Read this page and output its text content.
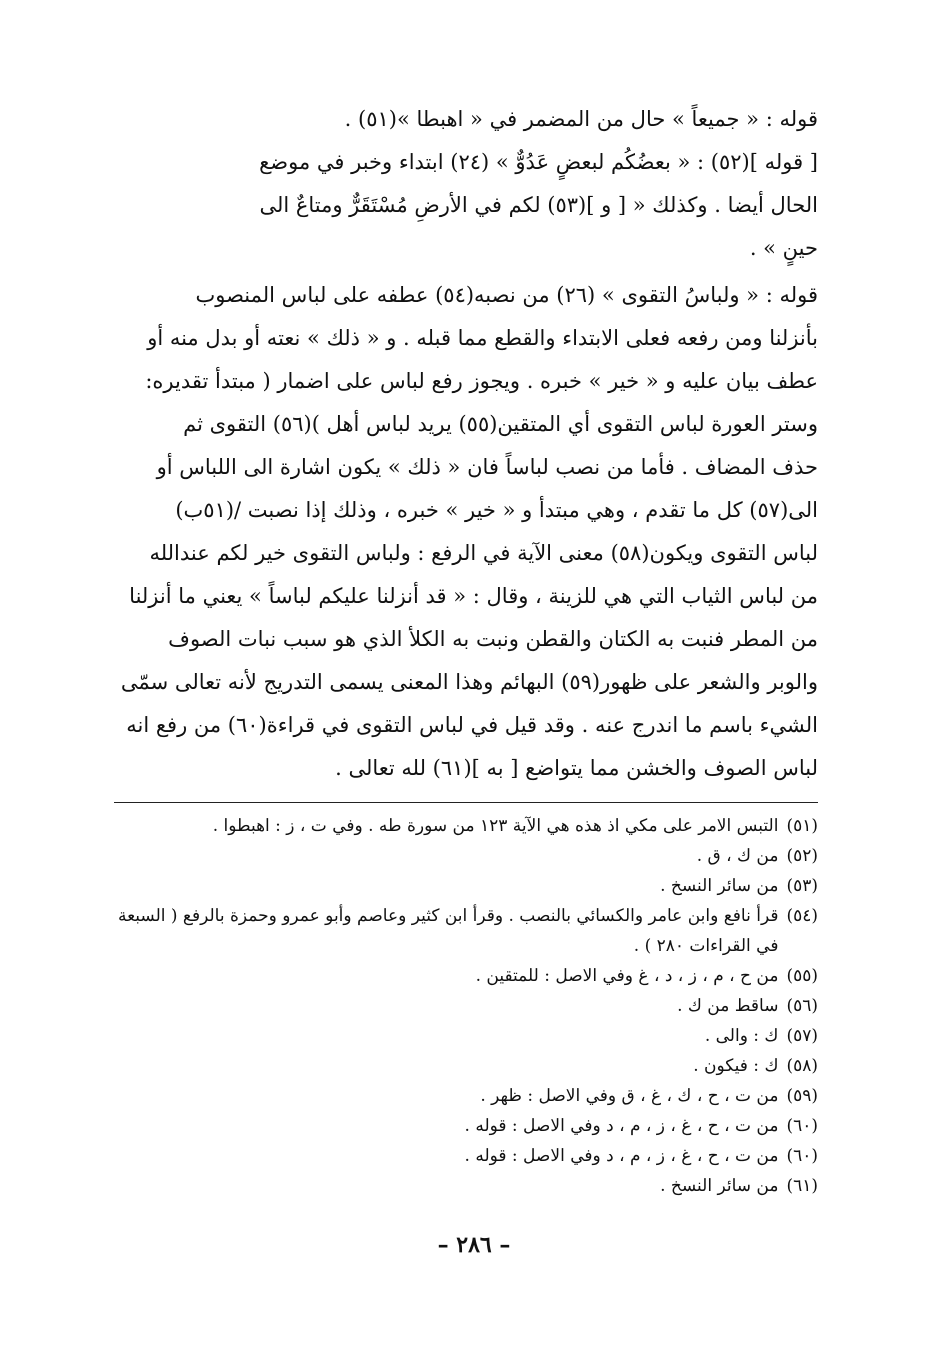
قوله : « جميعاً » حال من المضمر في « اهبطا »(٥١) .

[ قوله ](٥٢) : « بعضُكُم لبعضٍ عَدُوٌّ » (٢٤) ابتداء وخبر في موضع

الحال أيضا . وكذلك « [ و ](٥٣) لكم في الأرضِ مُسْتَقَرٌّ ومتاعٌ الى

حينٍ » .

قوله : « ولباسُ التقوى » (٢٦) من نصبه(٥٤) عطفه على لباس المنصوب

بأنزلنا ومن رفعه فعلى الابتداء والقطع مما قبله . و « ذلك » نعته أو بدل منه أو

عطف بيان عليه و « خير » خبره . ويجوز رفع لباس على اضمار ( مبتدأ تقديره:

وستر العورة لباس التقوى أي المتقين(٥٥) يريد لباس أهل )(٥٦) التقوى ثم

حذف المضاف . فأما من نصب لباساً فان « ذلك » يكون اشارة الى اللباس أو

الى(٥٧) كل ما تقدم ، وهي مبتدأ و « خير » خبره ، وذلك إذا نصبت /(٥١ب)

لباس التقوى ويكون(٥٨) معنى الآية في الرفع : ولباس التقوى خير لكم عندالله

من لباس الثياب التي هي للزينة ، وقال : « قد أنزلنا عليكم لباساً » يعني ما أنزلنا

من المطر فنبت به الكتان والقطن ونبت به الكلأ الذي هو سبب نبات الصوف

والوبر والشعر على ظهور(٥٩) البهائم وهذا المعنى يسمى التدريج لأنه تعالى سمّى

الشيء باسم ما اندرج عنه . وقد قيل في لباس التقوى في قراءة(٦٠) من رفع انه

لباس الصوف والخشن مما يتواضع [ به ](٦١) لله تعالى .

(٥١)
التبس الامر على مكي اذ هذه هي الآية ١٢٣ من سورة طه . وفي ت ، ز : اهبطوا .
(٥٢)
من ك ، ق .
(٥٣)
من سائر النسخ .
(٥٤)
قرأ نافع وابن عامر والكسائي بالنصب . وقرأ ابن كثير وعاصم وأبو عمرو وحمزة بالرفع ( السبعة في القراءات ٢٨٠ ) .
(٥٥)
من ح ، م ، ز ، د ، غ وفي الاصل : للمتقين .
(٥٦)
ساقط من ك .
(٥٧)
ك : والى .
(٥٨)
ك : فيكون .
(٥٩)
من ت ، ح ، ك ، غ ، ق وفي الاصل : ظهر .
(٦٠)
من ت ، ح ، غ ، ز ، م ، د وفي الاصل : قوله .
(٦٠)
من ت ، ح ، غ ، ز ، م ، د وفي الاصل : قوله .
(٦١)
من سائر النسخ .
– ٢٨٦ –
